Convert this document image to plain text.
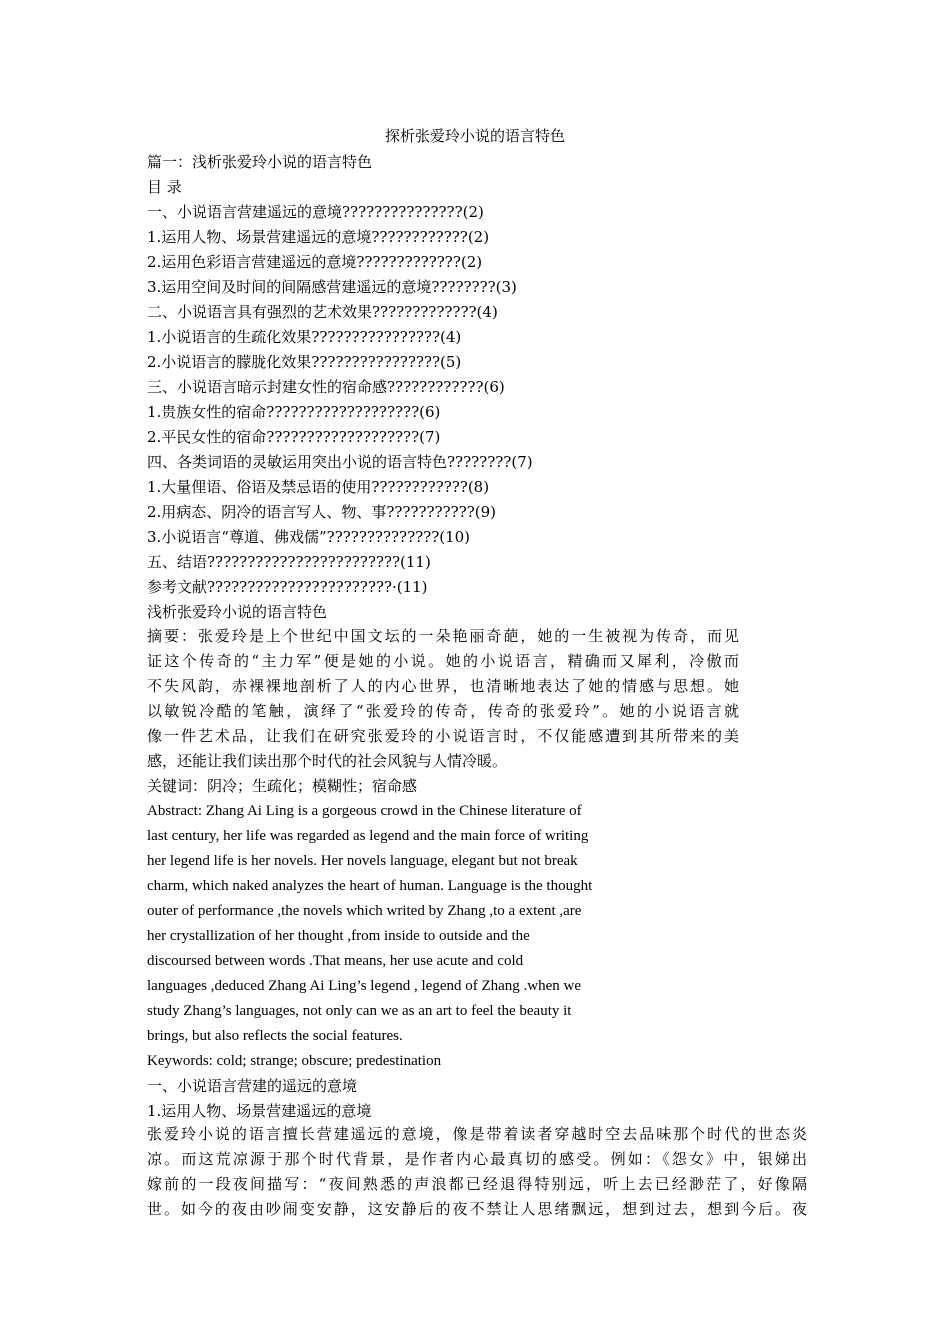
探析张爱玲小说的语言特色
篇一：浅析张爱玲小说的语言特色
目 录
一、小说语言营建遥远的意境???????????????(2)
1.运用人物、场景营建遥远的意境????????????(2)
2.运用色彩语言营建遥远的意境?????????????(2)
3.运用空间及时间的间隔感营建遥远的意境????????(3)
二、小说语言具有强烈的艺术效果?????????????(4)
1.小说语言的生疏化效果????????????????(4)
2.小说语言的朦胧化效果????????????????(5)
三、小说语言暗示封建女性的宿命感????????????(6)
1.贵族女性的宿命???????????????????(6)
2.平民女性的宿命???????????????????(7)
四、各类词语的灵敏运用突出小说的语言特色????????(7)
1.大量俚语、俗语及禁忌语的使用????????????(8)
2.用病态、阴冷的语言写人、物、事???????????(9)
3.小说语言“尊道、佛戏儒”??????????????(10)
五、结语????????????????????????(11)
参考文献???????????????????????·(11)
浅析张爱玲小说的语言特色
摘要：张爱玲是上个世纪中国文坛的一朵艳丽奇葩，她的一生被视为传奇，而见
证这个传奇的“主力军”便是她的小说。她的小说语言，精确而又犀利，冷傲而
不失风韵，赤裸裸地剖析了人的内心世界，也清晰地表达了她的情感与思想。她
以敏锐冷酷的笔触，演绎了“张爱玲的传奇，传奇的张爱玲”。她的小说语言就
像一件艺术品，让我们在研究张爱玲的小说语言时，不仅能感遭到其所带来的美
感，还能让我们读出那个时代的社会风貌与人情冷暖。
关键词：阴冷；生疏化；模糊性；宿命感
Abstract: Zhang Ai Ling is a gorgeous crowd in the Chinese literature of
last century, her life was regarded as legend and the main force of writing
her legend life is her novels. Her novels language, elegant but not break
charm, which naked analyzes the heart of human. Language is the thought
outer of performance ,the novels which writed by Zhang ,to a extent ,are
her crystallization of her thought ,from inside to outside and the
discoursed between words .That means, her use acute and cold
languages ,deduced Zhang Ai Ling’s legend , legend of Zhang .when we
study Zhang’s languages, not only can we as an art to feel the beauty it
brings, but also reflects the social features.
Keywords: cold; strange; obscure; predestination
一、小说语言营建的遥远的意境
1.运用人物、场景营建遥远的意境
张爱玲小说的语言擅长营建遥远的意境，像是带着读者穿越时空去品味那个时代的世态炎
凉。而这荒凉源于那个时代背景，是作者内心最真切的感受。例如：《怨女》中，银娣出
嫁前的一段夜间描写：“夜间熟悉的声浪都已经退得特别远，听上去已经渺茫了，好像隔
世。如今的夜由吵闹变安静，这安静后的夜不禁让人思绪飘远，想到过去，想到今后。夜
